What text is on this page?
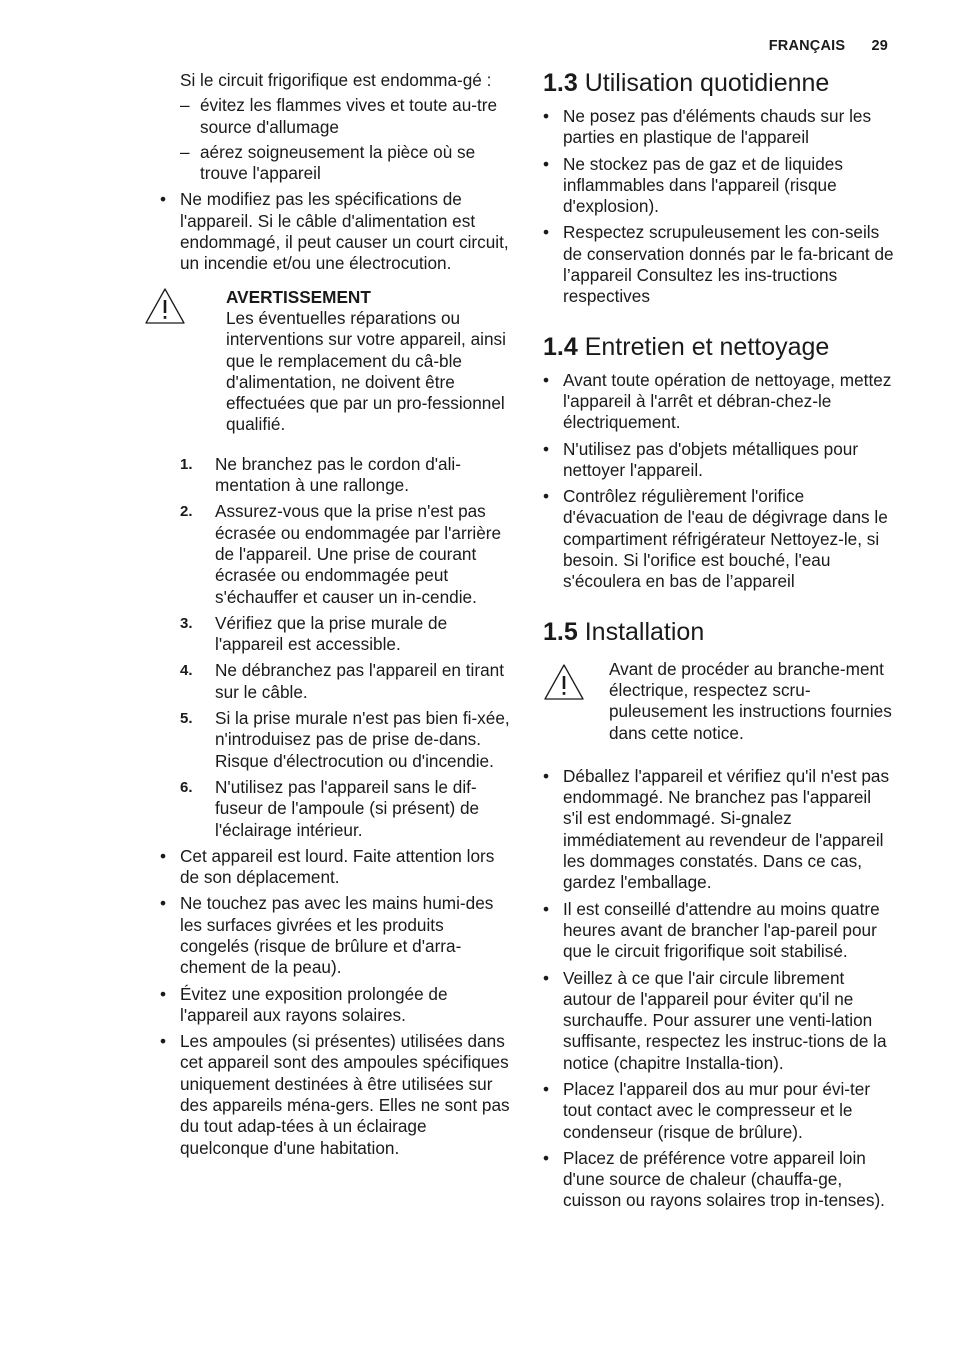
FRANÇAIS 29

Si le circuit frigorifique est endomma-gé :

– évitez les flammes vives et toute au-tre source d'allumage
– aérez soigneusement la pièce où se trouve l'appareil
• Ne modifiez pas les spécifications de l'appareil. Si le câble d'alimentation est endommagé, il peut causer un court circuit, un incendie et/ou une électrocution.
AVERTISSEMENT
Les éventuelles réparations ou interventions sur votre appareil, ainsi que le remplacement du câ-ble d'alimentation, ne doivent être effectuées que par un pro-fessionnel qualifié.
1. Ne branchez pas le cordon d'ali-mentation à une rallonge.
2. Assurez-vous que la prise n'est pas écrasée ou endommagée par l'arrière de l'appareil. Une prise de courant écrasée ou endommagée peut s'échauffer et causer un in-cendie.
3. Vérifiez que la prise murale de l'appareil est accessible.
4. Ne débranchez pas l'appareil en tirant sur le câble.
5. Si la prise murale n'est pas bien fi-xée, n'introduisez pas de prise de-dans. Risque d'électrocution ou d'incendie.
6. N'utilisez pas l'appareil sans le dif-fuseur de l'ampoule (si présent) de l'éclairage intérieur.
• Cet appareil est lourd. Faite attention lors de son déplacement.
• Ne touchez pas avec les mains humi-des les surfaces givrées et les produits congelés (risque de brûlure et d'arra-chement de la peau).
• Évitez une exposition prolongée de l'appareil aux rayons solaires.
• Les ampoules (si présentes) utilisées dans cet appareil sont des ampoules spécifiques uniquement destinées à être utilisées sur des appareils ména-gers. Elles ne sont pas du tout adap-tées à un éclairage quelconque d'une habitation.
1.3 Utilisation quotidienne
• Ne posez pas d'éléments chauds sur les parties en plastique de l'appareil
• Ne stockez pas de gaz et de liquides inflammables dans l'appareil (risque d'explosion).
• Respectez scrupuleusement les con-seils de conservation donnés par le fa-bricant de l’appareil Consultez les ins-tructions respectives
1.4 Entretien et nettoyage
• Avant toute opération de nettoyage, mettez l'appareil à l'arrêt et débran-chez-le électriquement.
• N'utilisez pas d'objets métalliques pour nettoyer l'appareil.
• Contrôlez régulièrement l'orifice d'évacuation de l'eau de dégivrage dans le compartiment réfrigérateur Nettoyez-le, si besoin. Si l'orifice est bouché, l'eau s'écoulera en bas de l’appareil
1.5 Installation
Avant de procéder au branche-ment électrique, respectez scru-puleusement les instructions fournies dans cette notice.
• Déballez l'appareil et vérifiez qu'il n'est pas endommagé. Ne branchez pas l'appareil s'il est endommagé. Si-gnalez immédiatement au revendeur de l'appareil les dommages constatés. Dans ce cas, gardez l'emballage.
• Il est conseillé d'attendre au moins quatre heures avant de brancher l'ap-pareil pour que le circuit frigorifique soit stabilisé.
• Veillez à ce que l'air circule librement autour de l'appareil pour éviter qu'il ne surchauffe. Pour assurer une venti-lation suffisante, respectez les instruc-tions de la notice (chapitre Installa-tion).
• Placez l'appareil dos au mur pour évi-ter tout contact avec le compresseur et le condenseur (risque de brûlure).
• Placez de préférence votre appareil loin d'une source de chaleur (chauffa-ge, cuisson ou rayons solaires trop in-tenses).
